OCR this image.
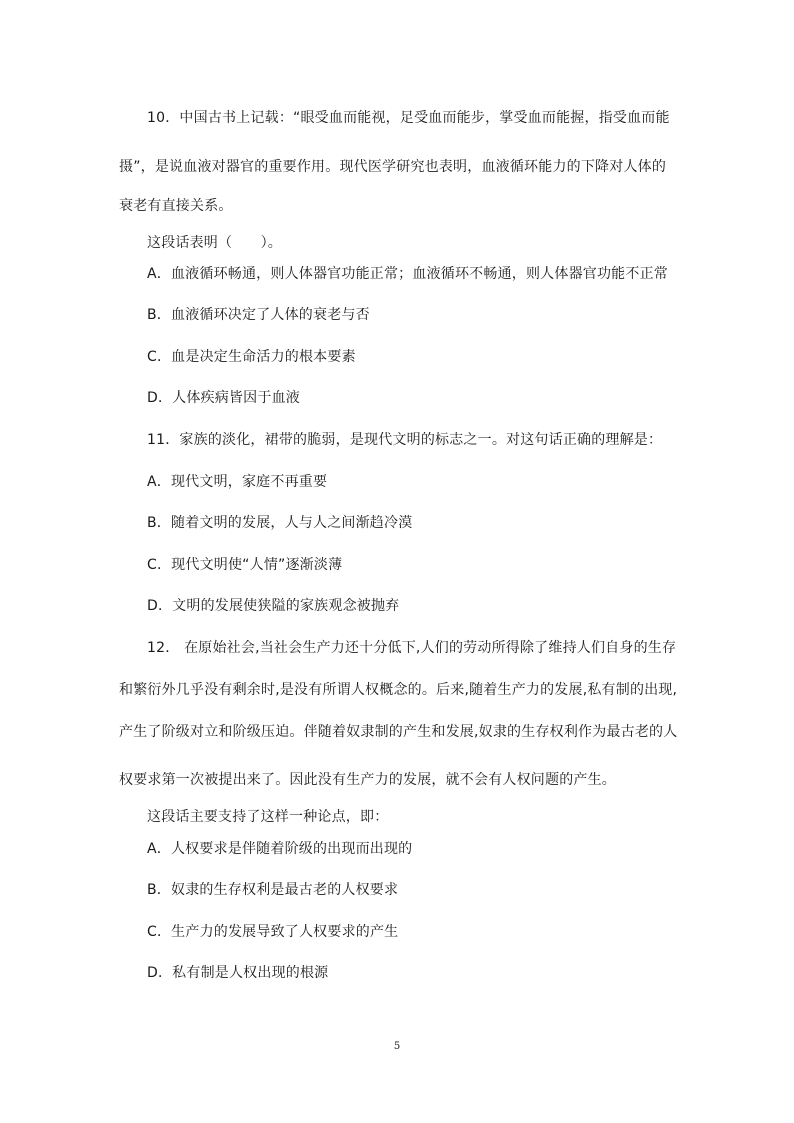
10．中国古书上记载：“眼受血而能视，足受血而能步，掌受血而能握，指受血而能
摄”，是说血液对器官的重要作用。现代医学研究也表明，血液循环能力的下降对人体的
衰老有直接关系。
这段话表明（　　）。
A．血液循环畅通，则人体器官功能正常；血液循环不畅通，则人体器官功能不正常
B．血液循环决定了人体的衰老与否
C．血是决定生命活力的根本要素
D．人体疾病皆因于血液
11．家族的淡化，裙带的脆弱，是现代文明的标志之一。对这句话正确的理解是：
A．现代文明，家庭不再重要
B．随着文明的发展，人与人之间渐趋冷漠
C．现代文明使“人情”逐渐淡薄
D．文明的发展使狭隘的家族观念被抛弃
12． 在原始社会,当社会生产力还十分低下,人们的劳动所得除了维持人们自身的生存
和繁衍外几乎没有剩余时,是没有所谓人权概念的。后来,随着生产力的发展,私有制的出现,
产生了阶级对立和阶级压迫。伴随着奴隶制的产生和发展,奴隶的生存权利作为最古老的人
权要求第一次被提出来了。因此没有生产力的发展，就不会有人权问题的产生。
这段话主要支持了这样一种论点，即：
A．人权要求是伴随着阶级的出现而出现的
B．奴隶的生存权利是最古老的人权要求
C．生产力的发展导致了人权要求的产生
D．私有制是人权出现的根源
5
